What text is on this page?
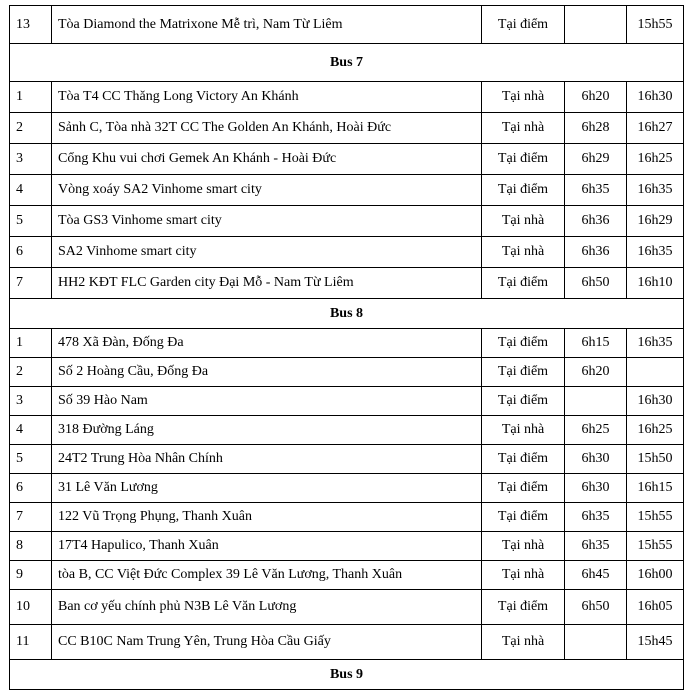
13	Tòa Diamond the Matrixone Mễ trì, Nam Từ Liêm	Tại điểm		15h55
Bus 7				
1	Tòa T4 CC Thăng Long Victory An Khánh	Tại nhà	6h20	16h30
2	Sảnh C, Tòa nhà 32T CC The Golden An Khánh, Hoài Đức	Tại nhà	6h28	16h27
3	Cổng Khu vui chơi Gemek An Khánh - Hoài Đức	Tại điểm	6h29	16h25
4	Vòng xoáy SA2 Vinhome smart city	Tại điểm	6h35	16h35
5	Tòa GS3 Vinhome smart city	Tại nhà	6h36	16h29
6	SA2 Vinhome smart city	Tại nhà	6h36	16h35
7	HH2 KĐT FLC Garden city Đại Mỗ - Nam Từ Liêm	Tại điểm	6h50	16h10
Bus 8				
1	478 Xã Đàn, Đống Đa	Tại điểm	6h15	16h35
2	Số 2 Hoàng Cầu, Đống Đa	Tại điểm	6h20	
3	Số 39 Hào Nam	Tại điểm		16h30
4	318 Đường Láng	Tại nhà	6h25	16h25
5	24T2 Trung Hòa Nhân Chính	Tại điểm	6h30	15h50
6	31 Lê Văn Lương	Tại điểm	6h30	16h15
7	122 Vũ Trọng Phụng, Thanh Xuân	Tại điểm	6h35	15h55
8	17T4 Hapulico, Thanh Xuân	Tại nhà	6h35	15h55
9	tòa B, CC Việt Đức Complex 39 Lê Văn Lương, Thanh Xuân	Tại nhà	6h45	16h00
10	Ban cơ yếu chính phủ N3B Lê Văn Lương	Tại điểm	6h50	16h05
11	CC B10C Nam Trung Yên, Trung Hòa Cầu Giấy	Tại nhà		15h45
Bus 9				
